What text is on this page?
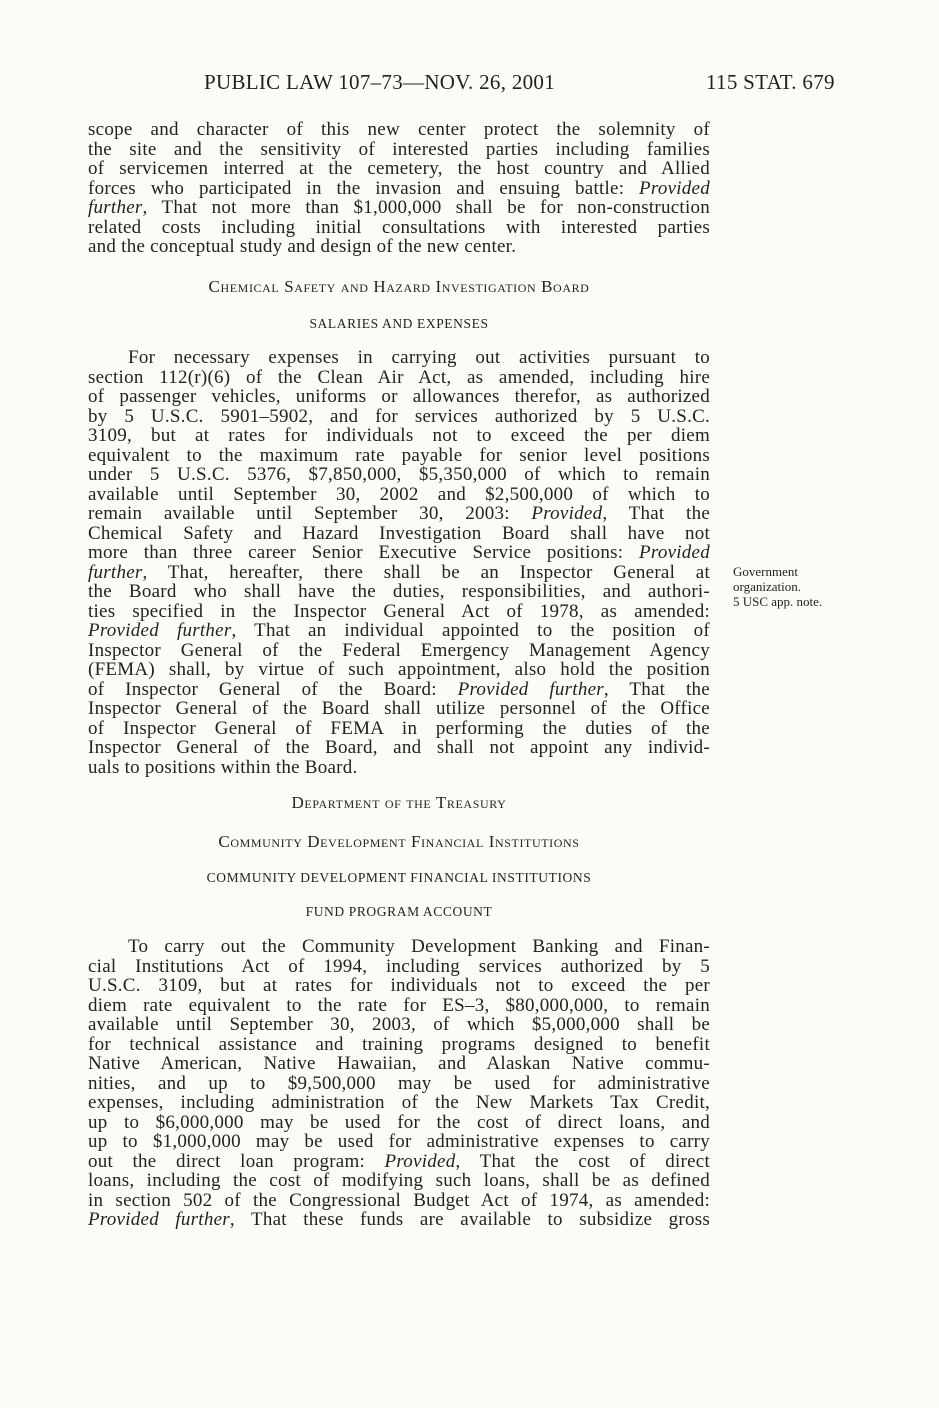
PUBLIC LAW 107–73—NOV. 26, 2001	115 STAT. 679
scope and character of this new center protect the solemnity of
the site and the sensitivity of interested parties including families
of servicemen interred at the cemetery, the host country and Allied
forces who participated in the invasion and ensuing battle: Provided
further, That not more than $1,000,000 shall be for non-construction
related costs including initial consultations with interested parties
and the conceptual study and design of the new center.
Chemical Safety and Hazard Investigation Board
SALARIES AND EXPENSES
For necessary expenses in carrying out activities pursuant to
section 112(r)(6) of the Clean Air Act, as amended, including hire
of passenger vehicles, uniforms or allowances therefor, as authorized
by 5 U.S.C. 5901–5902, and for services authorized by 5 U.S.C.
3109, but at rates for individuals not to exceed the per diem
equivalent to the maximum rate payable for senior level positions
under 5 U.S.C. 5376, $7,850,000, $5,350,000 of which to remain
available until September 30, 2002 and $2,500,000 of which to
remain available until September 30, 2003: Provided, That the
Chemical Safety and Hazard Investigation Board shall have not
more than three career Senior Executive Service positions: Provided
further, That, hereafter, there shall be an Inspector General at
the Board who shall have the duties, responsibilities, and authori-
ties specified in the Inspector General Act of 1978, as amended:
Provided further, That an individual appointed to the position of
Inspector General of the Federal Emergency Management Agency
(FEMA) shall, by virtue of such appointment, also hold the position
of Inspector General of the Board: Provided further, That the
Inspector General of the Board shall utilize personnel of the Office
of Inspector General of FEMA in performing the duties of the
Inspector General of the Board, and shall not appoint any individ-
uals to positions within the Board.
Government
organization.
5 USC app. note.
Department of the Treasury
Community Development Financial Institutions
COMMUNITY DEVELOPMENT FINANCIAL INSTITUTIONS
FUND PROGRAM ACCOUNT
To carry out the Community Development Banking and Finan-
cial Institutions Act of 1994, including services authorized by 5
U.S.C. 3109, but at rates for individuals not to exceed the per
diem rate equivalent to the rate for ES–3, $80,000,000, to remain
available until September 30, 2003, of which $5,000,000 shall be
for technical assistance and training programs designed to benefit
Native American, Native Hawaiian, and Alaskan Native commu-
nities, and up to $9,500,000 may be used for administrative
expenses, including administration of the New Markets Tax Credit,
up to $6,000,000 may be used for the cost of direct loans, and
up to $1,000,000 may be used for administrative expenses to carry
out the direct loan program: Provided, That the cost of direct
loans, including the cost of modifying such loans, shall be as defined
in section 502 of the Congressional Budget Act of 1974, as amended:
Provided further, That these funds are available to subsidize gross
